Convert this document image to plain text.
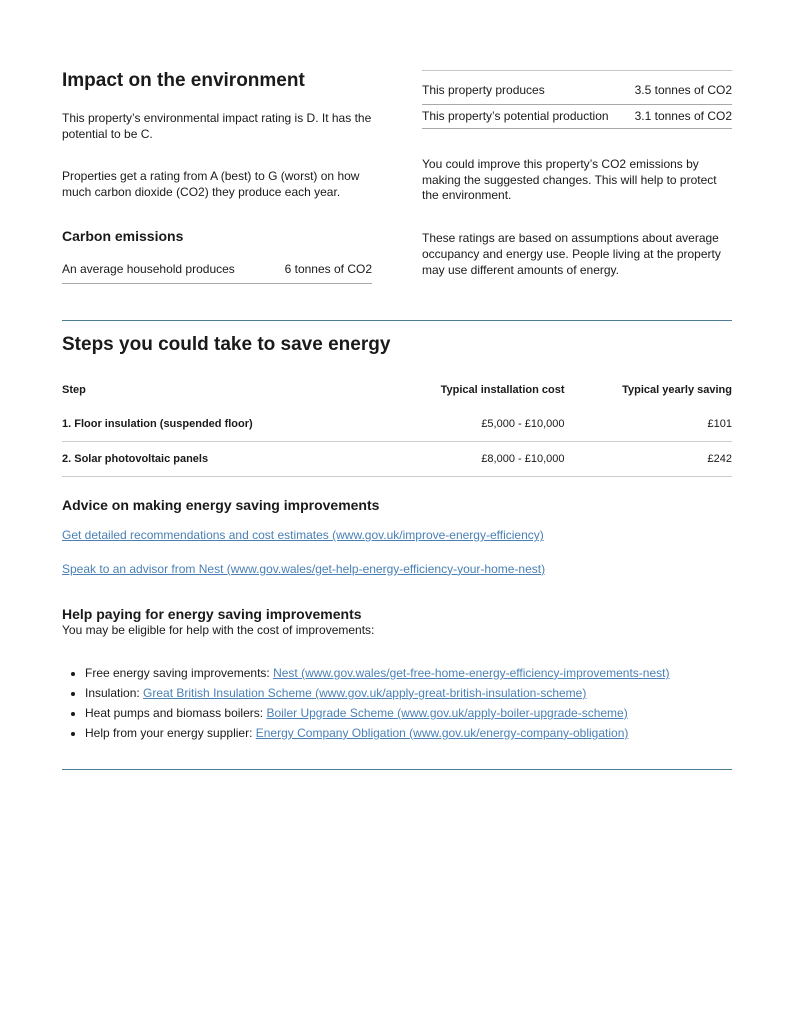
Impact on the environment

This property’s environmental impact rating is D. It has the potential to be C.

Properties get a rating from A (best) to G (worst) on how much carbon dioxide (CO2) they produce each year.

Carbon emissions
An average household produces	6 tonnes of CO2
This property produces	3.5 tonnes of CO2
This property’s potential production	3.1 tonnes of CO2

You could improve this property’s CO2 emissions by making the suggested changes. This will help to protect the environment.

These ratings are based on assumptions about average occupancy and energy use. People living at the property may use different amounts of energy.

Steps you could take to save energy
Step	Typical installation cost	Typical yearly saving
1. Floor insulation (suspended floor)	£5,000 - £10,000	£101
2. Solar photovoltaic panels	£8,000 - £10,000	£242
Advice on making energy saving improvements
Get detailed recommendations and cost estimates (www.gov.uk/improve-energy-efficiency)
Speak to an advisor from Nest (www.gov.wales/get-help-energy-efficiency-your-home-nest)
Help paying for energy saving improvements

You may be eligible for help with the cost of improvements:

• Free energy saving improvements: Nest (www.gov.wales/get-free-home-energy-efficiency-improvements-nest)
• Insulation: Great British Insulation Scheme (www.gov.uk/apply-great-british-insulation-scheme)
• Heat pumps and biomass boilers: Boiler Upgrade Scheme (www.gov.uk/apply-boiler-upgrade-scheme)
• Help from your energy supplier: Energy Company Obligation (www.gov.uk/energy-company-obligation)
